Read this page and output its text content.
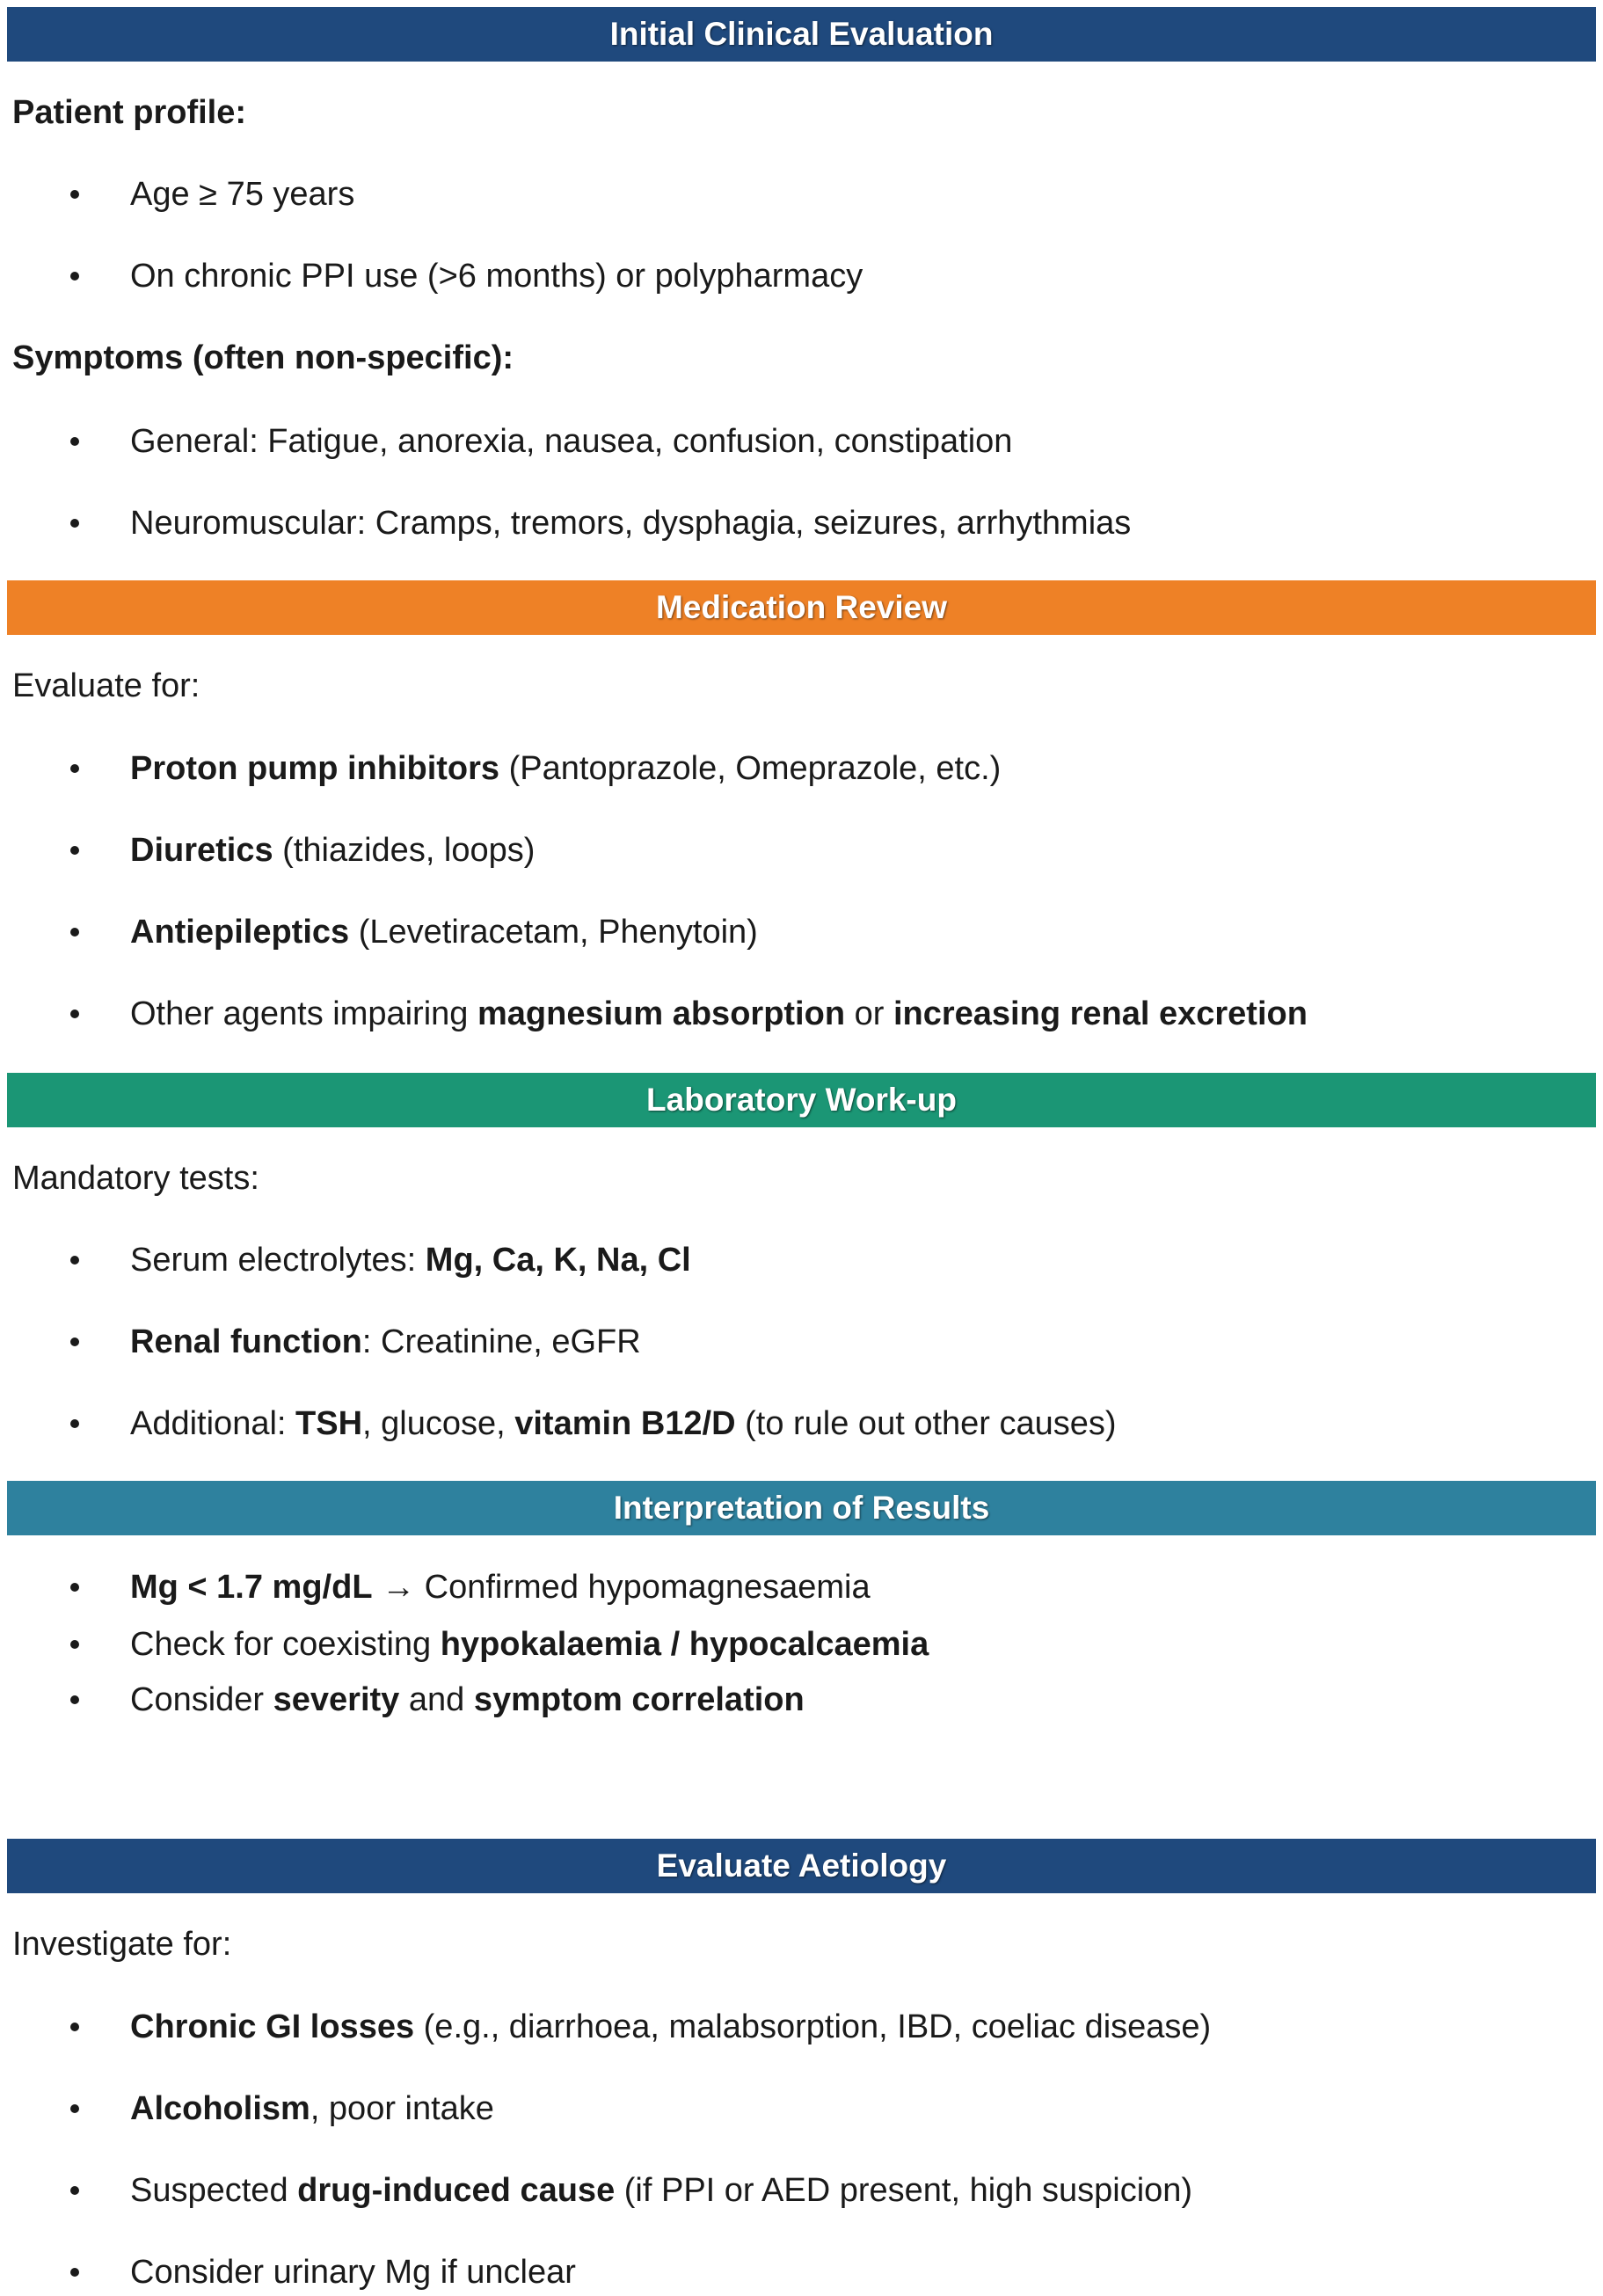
Initial Clinical Evaluation
Patient profile:
Age ≥ 75 years
On chronic PPI use (>6 months) or polypharmacy
Symptoms (often non-specific):
General: Fatigue, anorexia, nausea, confusion, constipation
Neuromuscular: Cramps, tremors, dysphagia, seizures, arrhythmias
Medication Review
Evaluate for:
Proton pump inhibitors (Pantoprazole, Omeprazole, etc.)
Diuretics (thiazides, loops)
Antiepileptics (Levetiracetam, Phenytoin)
Other agents impairing magnesium absorption or increasing renal excretion
Laboratory Work-up
Mandatory tests:
Serum electrolytes: Mg, Ca, K, Na, Cl
Renal function: Creatinine, eGFR
Additional: TSH, glucose, vitamin B12/D (to rule out other causes)
Interpretation of Results
Mg < 1.7 mg/dL → Confirmed hypomagnesaemia
Check for coexisting hypokalaemia / hypocalcaemia
Consider severity and symptom correlation
Evaluate Aetiology
Investigate for:
Chronic GI losses (e.g., diarrhoea, malabsorption, IBD, coeliac disease)
Alcoholism, poor intake
Suspected drug-induced cause (if PPI or AED present, high suspicion)
Consider urinary Mg if unclear
